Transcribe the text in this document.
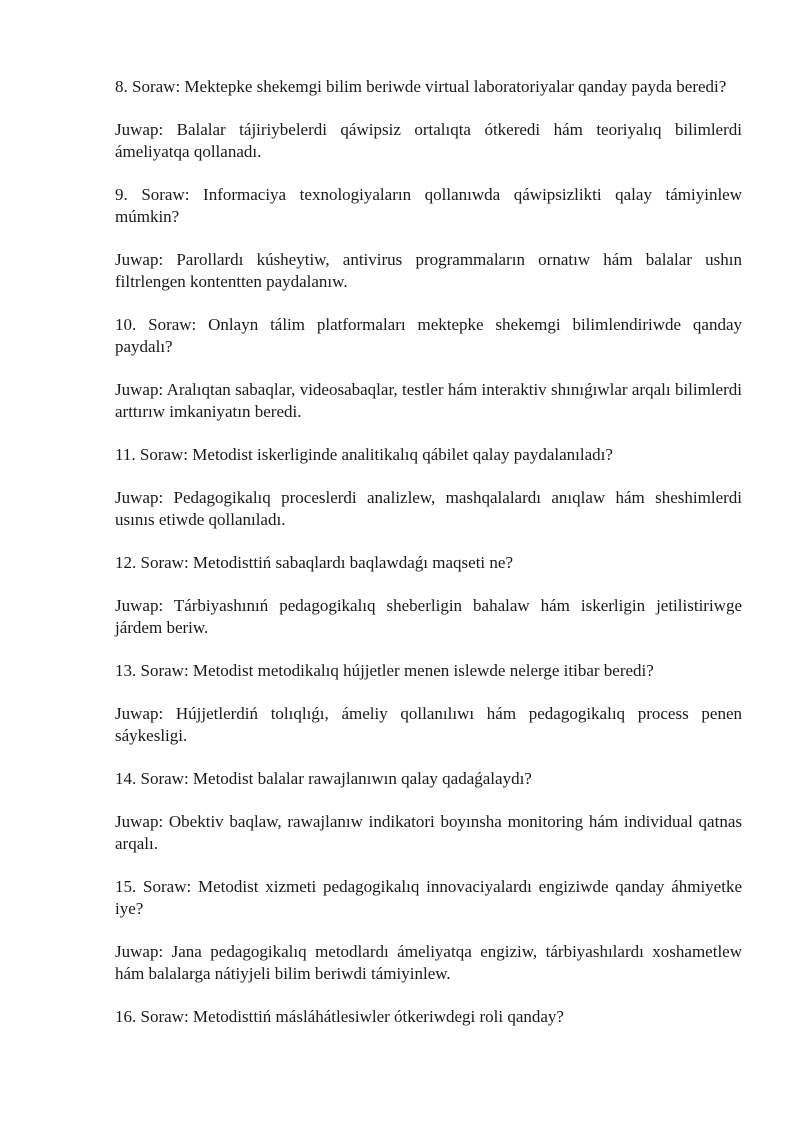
8. Soraw: Mektepke shekemgi bilim beriwde virtual laboratoriyalar qanday payda beredi?

Juwap: Balalar tájiriybelerdi qáwipsiz ortalıqta ótkeredi hám teoriyalıq bilimlerdi ámeliyatqa qollanadı.

9. Soraw: Informaciya texnologiyaların qollanıwda qáwipsizlikti qalay támiyinlew múmkin?

Juwap: Parollardı kúsheytiw, antivirus programmaların ornatıw hám balalar ushın filtrlengen kontentten paydalanıw.

10. Soraw: Onlayn tálim platformaları mektepke shekemgi bilimlendiriwde qanday paydalı?

Juwap: Aralıqtan sabaqlar, videosabaqlar, testler hám interaktiv shınıǵıwlar arqalı bilimlerdi arttırıw imkaniyatın beredi.

11. Soraw: Metodist iskerliginde analitikalıq qábilet qalay paydalanıladı?

Juwap: Pedagogikalıq proceslerdi analizlew, mashqalalardı anıqlaw hám sheshimlerdi usınıs etiwde qollanıladı.

12. Soraw: Metodisttiń sabaqlardı baqlawdaǵı maqseti ne?

Juwap: Tárbiyashınıń pedagogikalıq sheberligin bahalaw hám iskerligin jetilistiriwge járdem beriw.

13. Soraw: Metodist metodikalıq hújjetler menen islewde nelerge itibar beredi?

Juwap: Hújjetlerdiń tolıqlıǵı, ámeliy qollanılıwı hám pedagogikalıq process penen sáykesligi.

14. Soraw: Metodist balalar rawajlanıwın qalay qadaǵalaydı?

Juwap: Obektiv baqlaw, rawajlanıw indikatori boyınsha monitoring hám individual qatnas arqalı.

15. Soraw: Metodist xizmeti pedagogikalıq innovaciyalardı engiziwde qanday áhmiyetke iye?

Juwap: Jana pedagogikalıq metodlardı ámeliyatqa engiziw, tárbiyashılardı xoshametlew hám balalarga nátiyjeli bilim beriwdi támiyinlew.

16. Soraw: Metodisttiń másláhátlesiwler ótkeriwdegi roli qanday?
